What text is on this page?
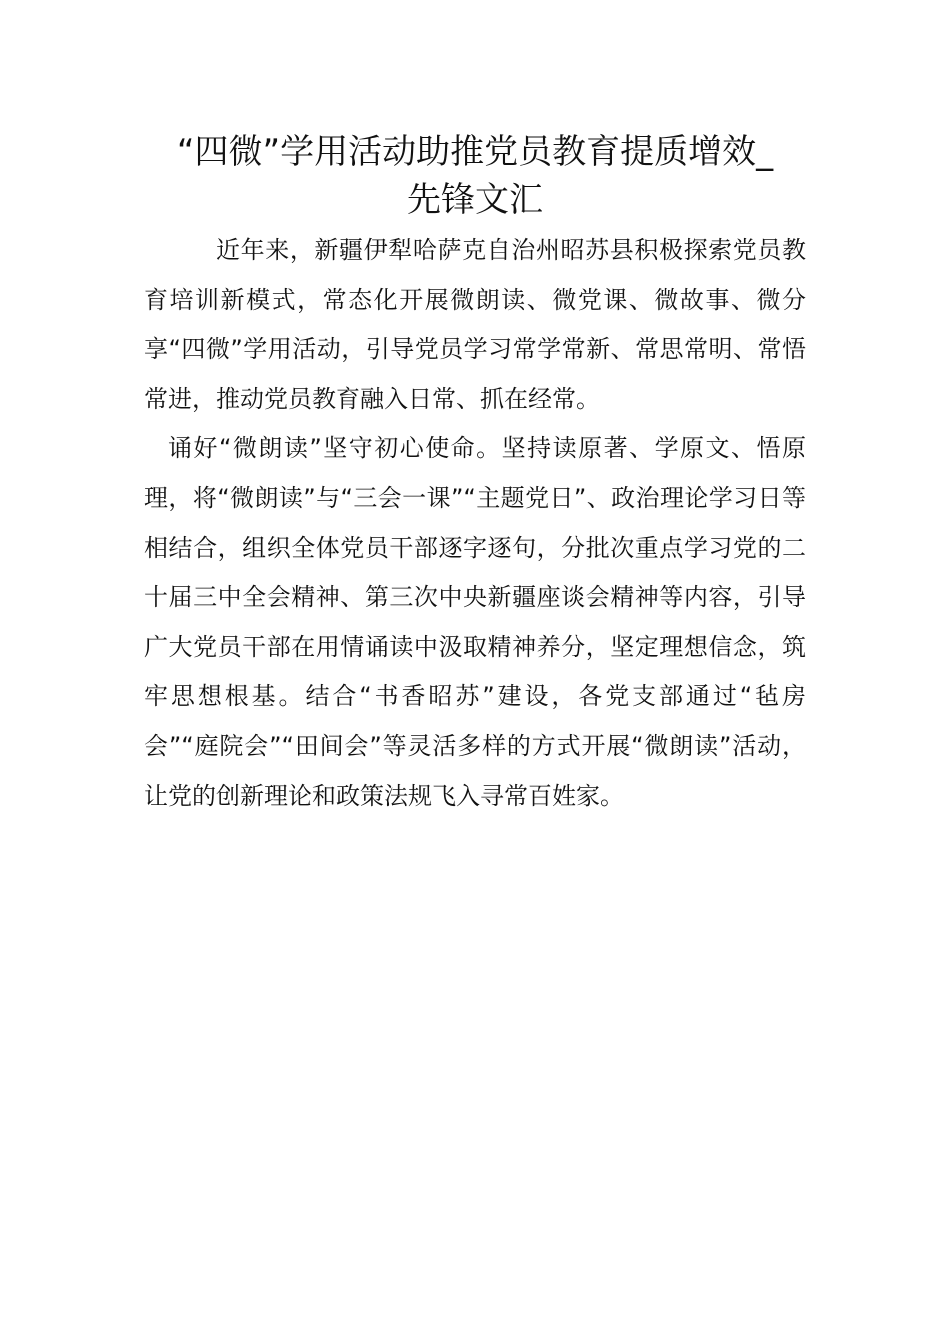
“四微”学用活动助推党员教育提质增效_
先锋文汇

近年来，新疆伊犁哈萨克自治州昭苏县积极探索党员教育培训新模式，常态化开展微朗读、微党课、微故事、微分享“四微”学用活动，引导党员学习常学常新、常思常明、常悟常进，推动党员教育融入日常、抓在经常。

诵好“微朗读”坚守初心使命。坚持读原著、学原文、悟原理，将“微朗读”与“三会一课”“主题党日”、政治理论学习日等相结合，组织全体党员干部逐字逐句，分批次重点学习党的二十届三中全会精神、第三次中央新疆座谈会精神等内容，引导广大党员干部在用情诵读中汲取精神养分，坚定理想信念，筑牢思想根基。结合“书香昭苏”建设，各党支部通过“毡房会”“庭院会”“田间会”等灵活多样的方式开展“微朗读”活动，让党的创新理论和政策法规飞入寻常百姓家。
